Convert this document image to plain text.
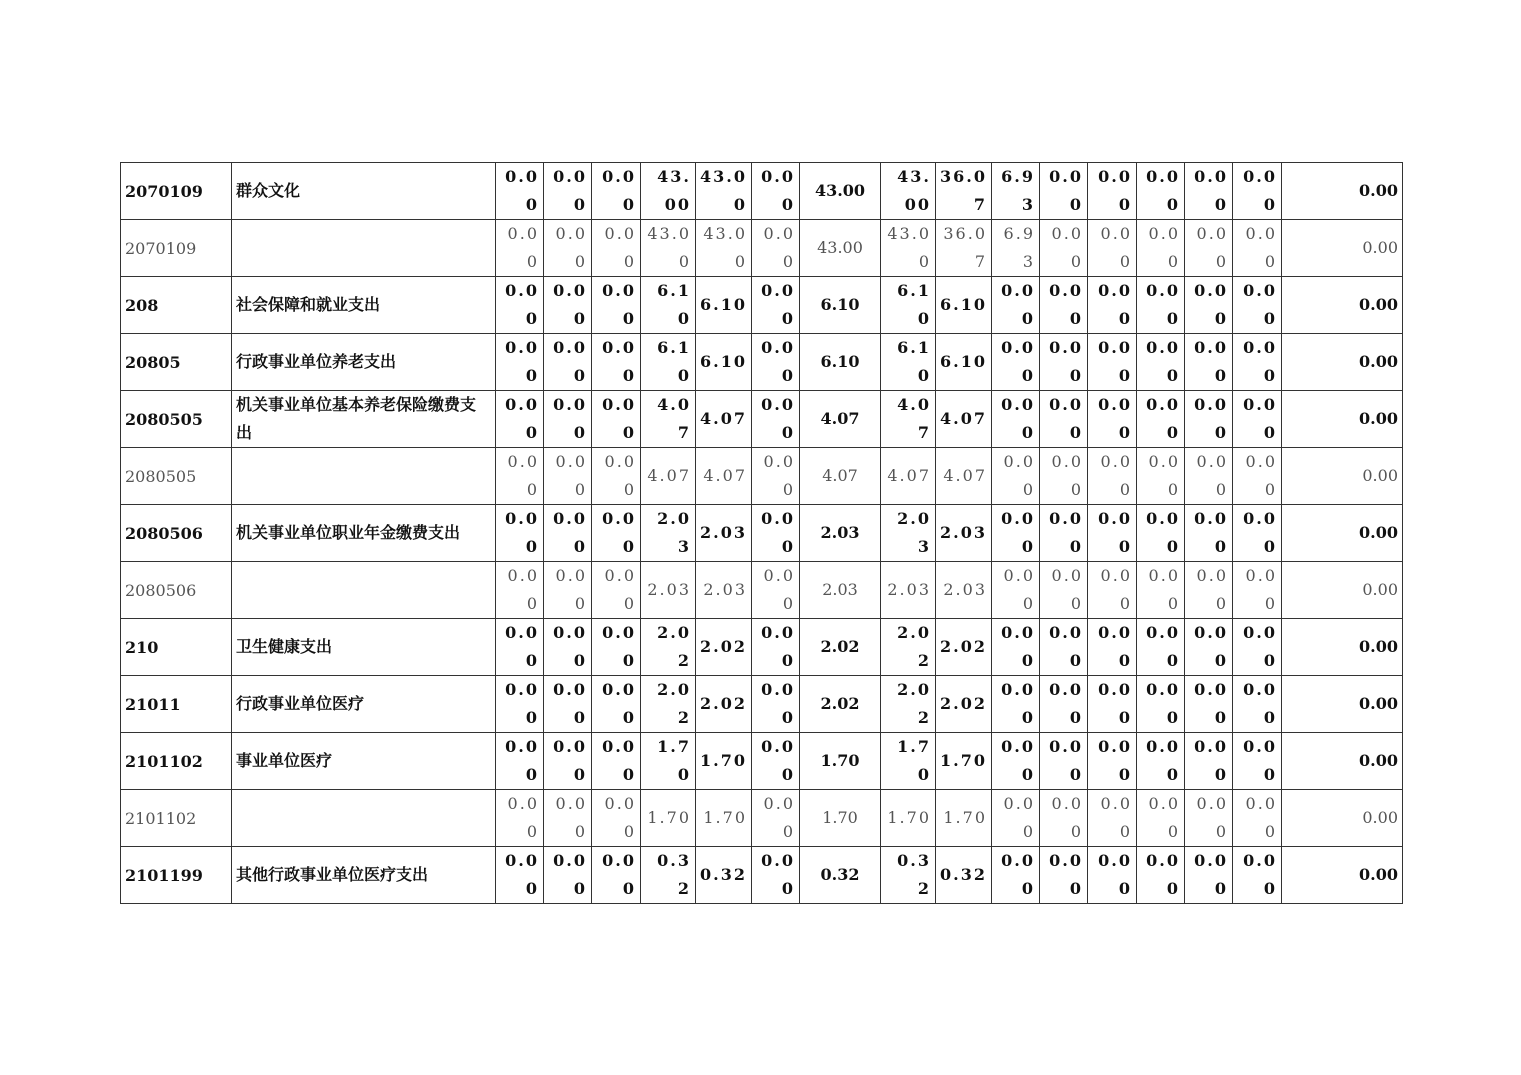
2070109	群众文化	0.00	0.00	0.00	43.00	43.00	0.00	43.00	43.00	36.07	6.93	0.00	0.00	0.00	0.00	0.00	0.00
2070109		0.00	0.00	0.00	43.00	43.00	0.00	43.00	43.00	36.07	6.93	0.00	0.00	0.00	0.00	0.00	0.00
208	社会保障和就业支出	0.00	0.00	0.00	6.10	6.10	0.00	6.10	6.10	6.10	0.00	0.00	0.00	0.00	0.00	0.00	0.00
20805	行政事业单位养老支出	0.00	0.00	0.00	6.10	6.10	0.00	6.10	6.10	6.10	0.00	0.00	0.00	0.00	0.00	0.00	0.00
2080505	机关事业单位基本养老保险缴费支出	0.00	0.00	0.00	4.07	4.07	0.00	4.07	4.07	4.07	0.00	0.00	0.00	0.00	0.00	0.00	0.00
2080505		0.00	0.00	0.00	4.07	4.07	0.00	4.07	4.07	4.07	0.00	0.00	0.00	0.00	0.00	0.00	0.00
2080506	机关事业单位职业年金缴费支出	0.00	0.00	0.00	2.03	2.03	0.00	2.03	2.03	2.03	0.00	0.00	0.00	0.00	0.00	0.00	0.00
2080506		0.00	0.00	0.00	2.03	2.03	0.00	2.03	2.03	2.03	0.00	0.00	0.00	0.00	0.00	0.00	0.00
210	卫生健康支出	0.00	0.00	0.00	2.02	2.02	0.00	2.02	2.02	2.02	0.00	0.00	0.00	0.00	0.00	0.00	0.00
21011	行政事业单位医疗	0.00	0.00	0.00	2.02	2.02	0.00	2.02	2.02	2.02	0.00	0.00	0.00	0.00	0.00	0.00	0.00
2101102	事业单位医疗	0.00	0.00	0.00	1.70	1.70	0.00	1.70	1.70	1.70	0.00	0.00	0.00	0.00	0.00	0.00	0.00
2101102		0.00	0.00	0.00	1.70	1.70	0.00	1.70	1.70	1.70	0.00	0.00	0.00	0.00	0.00	0.00	0.00
2101199	其他行政事业单位医疗支出	0.00	0.00	0.00	0.32	0.32	0.00	0.32	0.32	0.32	0.00	0.00	0.00	0.00	0.00	0.00	0.00
